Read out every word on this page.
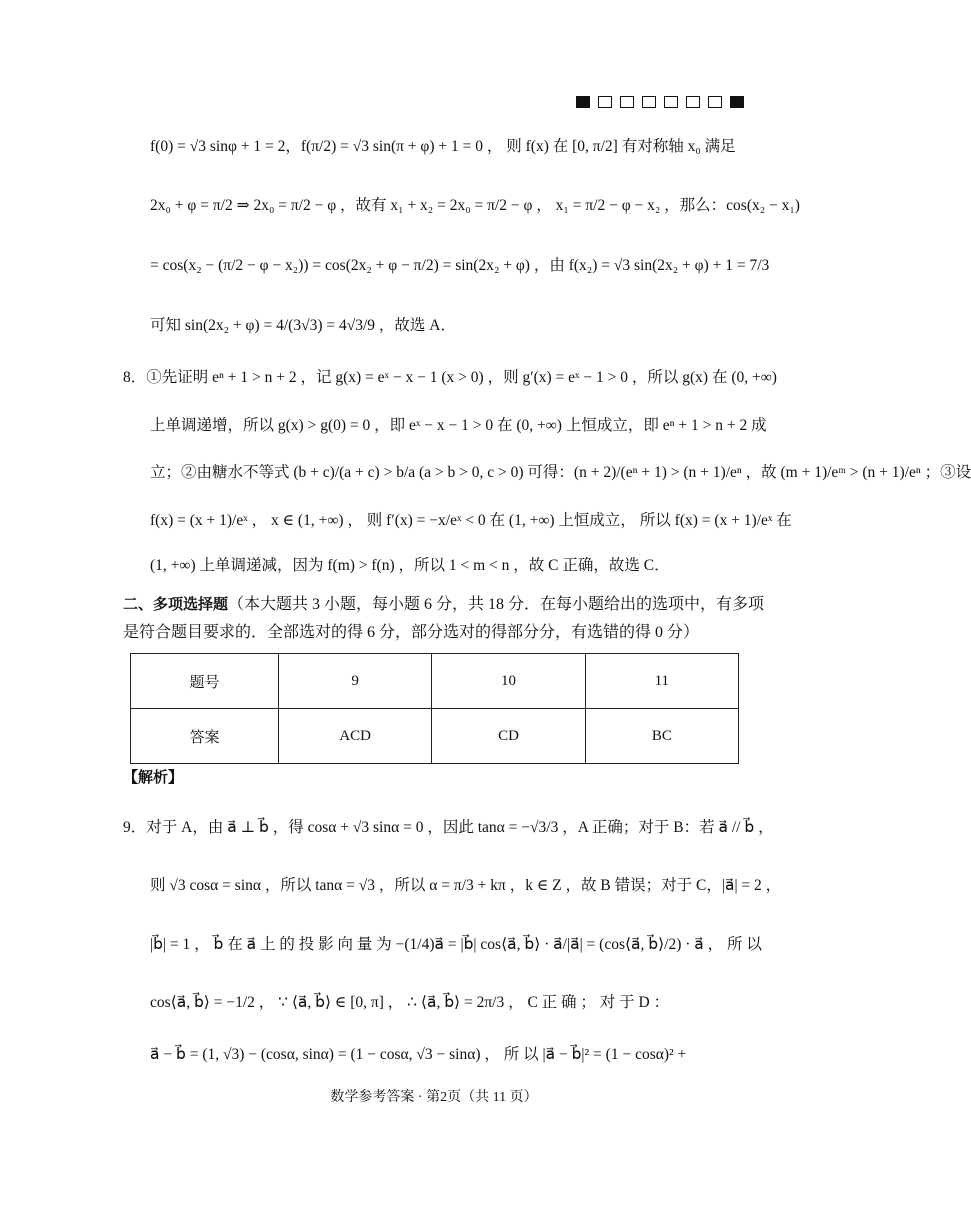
f(0) = √3 sinφ + 1 = 2，f(π/2) = √3 sin(π + φ) + 1 = 0 ， 则 f(x) 在 [0, π/2] 有对称轴 x₀ 满足
2x₀ + φ = π/2 ⇒ 2x₀ = π/2 − φ ，故有 x₁ + x₂ = 2x₀ = π/2 − φ ， x₁ = π/2 − φ − x₂ ，那么：cos(x₂ − x₁)
= cos(x₂ − (π/2 − φ − x₂)) = cos(2x₂ + φ − π/2) = sin(2x₂ + φ) ，由 f(x₂) = √3 sin(2x₂ + φ) + 1 = 7/3
可知 sin(2x₂ + φ) = 4/(3√3) = 4√3/9 ，故选 A．
8．①先证明 eⁿ + 1 > n + 2 ，记 g(x) = eˣ − x − 1 (x > 0) ，则 g′(x) = eˣ − 1 > 0 ，所以 g(x) 在 (0, +∞)
上单调递增，所以 g(x) > g(0) = 0 ，即 eˣ − x − 1 > 0 在 (0, +∞) 上恒成立，即 eⁿ + 1 > n + 2 成
立；②由糖水不等式 (b + c)/(a + c) > b/a (a > b > 0, c > 0) 可得：(n + 2)/(eⁿ + 1) > (n + 1)/eⁿ ，故 (m + 1)/eᵐ > (n + 1)/eⁿ ；③设
f(x) = (x + 1)/eˣ ， x ∈ (1, +∞) ， 则 f′(x) = −x/eˣ < 0 在 (1, +∞) 上恒成立， 所以 f(x) = (x + 1)/eˣ 在
(1, +∞) 上单调递减，因为 f(m) > f(n) ，所以 1 < m < n ，故 C 正确，故选 C．
二、多项选择题（本大题共 3 小题，每小题 6 分，共 18 分．在每小题给出的选项中，有多项
是符合题目要求的．全部选对的得 6 分，部分选对的得部分分，有选错的得 0 分）
题号	9	10	11
答案	ACD	CD	BC
【解析】
9．对于 A，由 a⃗ ⊥ b⃗ ，得 cosα + √3 sinα = 0 ，因此 tanα = −√3/3 ，A 正确；对于 B：若 a⃗ // b⃗ ，
则 √3 cosα = sinα ，所以 tanα = √3 ，所以 α = π/3 + kπ ，k ∈ Z ，故 B 错误；对于 C，|a⃗| = 2 ，
|b⃗| = 1 ， b⃗ 在 a⃗ 上 的 投 影 向 量 为 −(1/4)a⃗ = |b⃗| cos⟨a⃗, b⃗⟩ · a⃗/|a⃗| = (cos⟨a⃗, b⃗⟩/2) · a⃗ ， 所 以
cos⟨a⃗, b⃗⟩ = −1/2 ， ∵ ⟨a⃗, b⃗⟩ ∈ [0, π] ， ∴ ⟨a⃗, b⃗⟩ = 2π/3 ， C 正 确 ； 对 于 D ：
a⃗ − b⃗ = (1, √3) − (cosα, sinα) = (1 − cosα, √3 − sinα) ， 所 以 |a⃗ − b⃗|² = (1 − cosα)² +
数学参考答案 · 第2页（共 11 页）
